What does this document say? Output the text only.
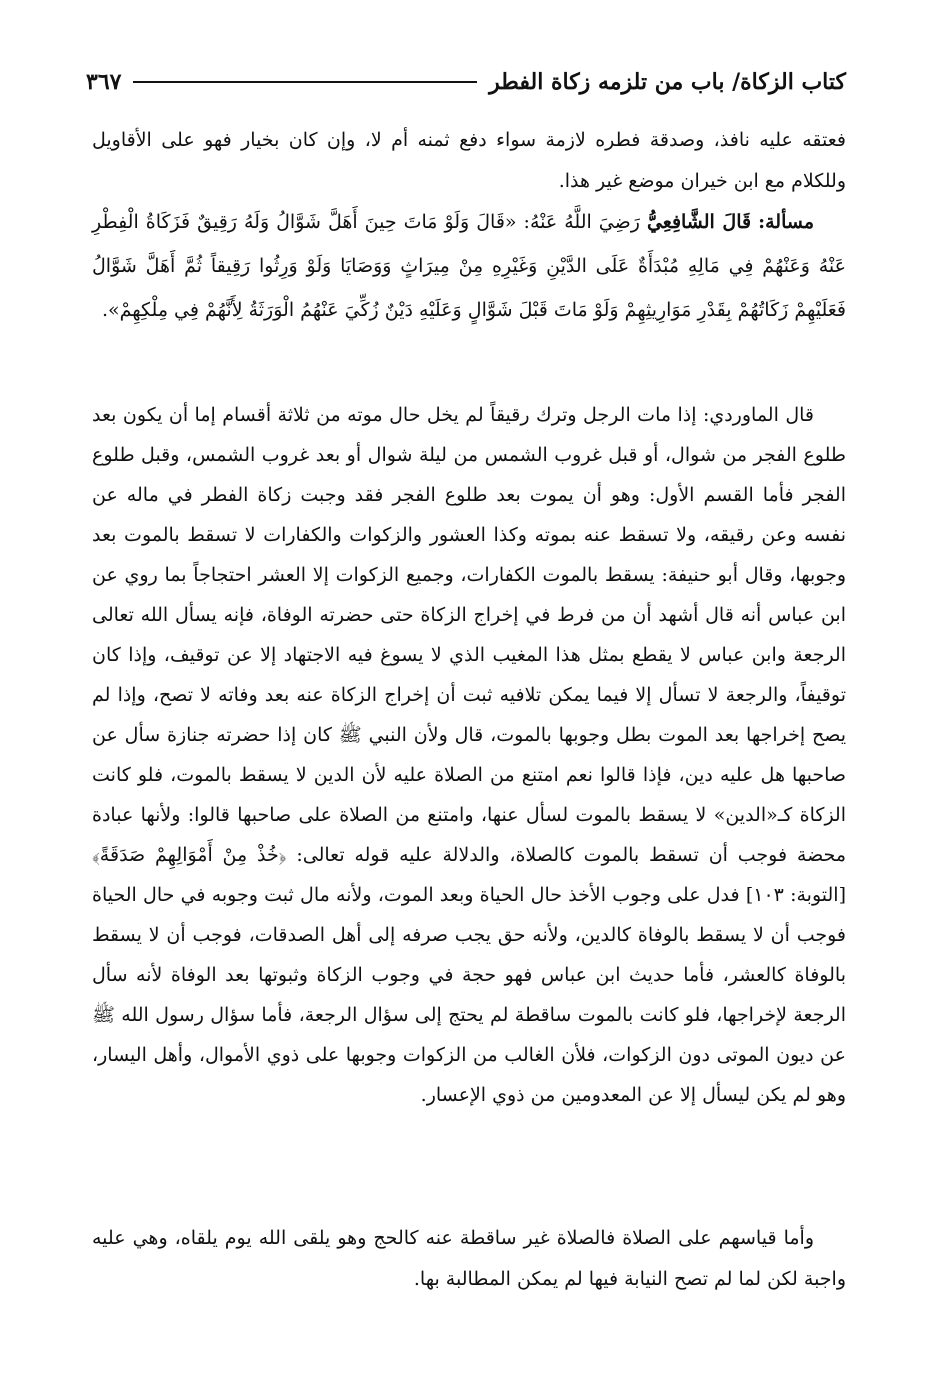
كتاب الزكاة/ باب من تلزمه زكاة الفطر
٣٦٧

فعتقه عليه نافذ، وصدقة فطره لازمة سواء دفع ثمنه أم لا، وإن كان بخيار فهو على الأقاويل وللكلام مع ابن خيران موضع غير هذا.

مسألة: قَالَ الشَّافِعِيُّ رَضِيَ اللَّهُ عَنْهُ: «قَالَ وَلَوْ مَاتَ حِينَ أَهَلَّ شَوَّالُ وَلَهُ رَقِيقٌ فَزَكَاةُ الْفِطْرِ عَنْهُ وَعَنْهُمْ فِي مَالِهِ مُبْدَأَةٌ عَلَى الدَّيْنِ وَغَيْرِهِ مِنْ مِيرَاثٍ وَوَصَايَا وَلَوْ وَرِثُوا رَقِيقاً ثُمَّ أَهَلَّ شَوَّالُ فَعَلَيْهِمْ زَكَاتُهُمْ بِقَدْرِ مَوَارِيثِهِمْ وَلَوْ مَاتَ قَبْلَ شَوَّالٍ وَعَلَيْهِ دَيْنٌ زُكِّيَ عَنْهُمُ الْوَرَثَةُ لِأَنَّهُمْ فِي مِلْكِهِمْ».

قال الماوردي: إذا مات الرجل وترك رقيقاً لم يخل حال موته من ثلاثة أقسام إما أن يكون بعد طلوع الفجر من شوال، أو قبل غروب الشمس من ليلة شوال أو بعد غروب الشمس، وقبل طلوع الفجر فأما القسم الأول: وهو أن يموت بعد طلوع الفجر فقد وجبت زكاة الفطر في ماله عن نفسه وعن رقيقه، ولا تسقط عنه بموته وكذا العشور والزكوات والكفارات لا تسقط بالموت بعد وجوبها، وقال أبو حنيفة: يسقط بالموت الكفارات، وجميع الزكوات إلا العشر احتجاجاً بما روي عن ابن عباس أنه قال أشهد أن من فرط في إخراج الزكاة حتى حضرته الوفاة، فإنه يسأل الله تعالى الرجعة وابن عباس لا يقطع بمثل هذا المغيب الذي لا يسوغ فيه الاجتهاد إلا عن توقيف، وإذا كان توقيفاً، والرجعة لا تسأل إلا فيما يمكن تلافيه ثبت أن إخراج الزكاة عنه بعد وفاته لا تصح، وإذا لم يصح إخراجها بعد الموت بطل وجوبها بالموت، قال ولأن النبي ﷺ كان إذا حضرته جنازة سأل عن صاحبها هل عليه دين، فإذا قالوا نعم امتنع من الصلاة عليه لأن الدين لا يسقط بالموت، فلو كانت الزكاة كـ«الدين» لا يسقط بالموت لسأل عنها، وامتنع من الصلاة على صاحبها قالوا: ولأنها عبادة محضة فوجب أن تسقط بالموت كالصلاة، والدلالة عليه قوله تعالى: ﴿خُذْ مِنْ أَمْوَالِهِمْ صَدَقَةً﴾ [التوبة: ١٠٣] فدل على وجوب الأخذ حال الحياة وبعد الموت، ولأنه مال ثبت وجوبه في حال الحياة فوجب أن لا يسقط بالوفاة كالدين، ولأنه حق يجب صرفه إلى أهل الصدقات، فوجب أن لا يسقط بالوفاة كالعشر، فأما حديث ابن عباس فهو حجة في وجوب الزكاة وثبوتها بعد الوفاة لأنه سأل الرجعة لإخراجها، فلو كانت بالموت ساقطة لم يحتج إلى سؤال الرجعة، فأما سؤال رسول الله ﷺ عن ديون الموتى دون الزكوات، فلأن الغالب من الزكوات وجوبها على ذوي الأموال، وأهل اليسار، وهو لم يكن ليسأل إلا عن المعدومين من ذوي الإعسار.

وأما قياسهم على الصلاة فالصلاة غير ساقطة عنه كالحج وهو يلقى الله يوم يلقاه، وهي عليه واجبة لكن لما لم تصح النيابة فيها لم يمكن المطالبة بها.
